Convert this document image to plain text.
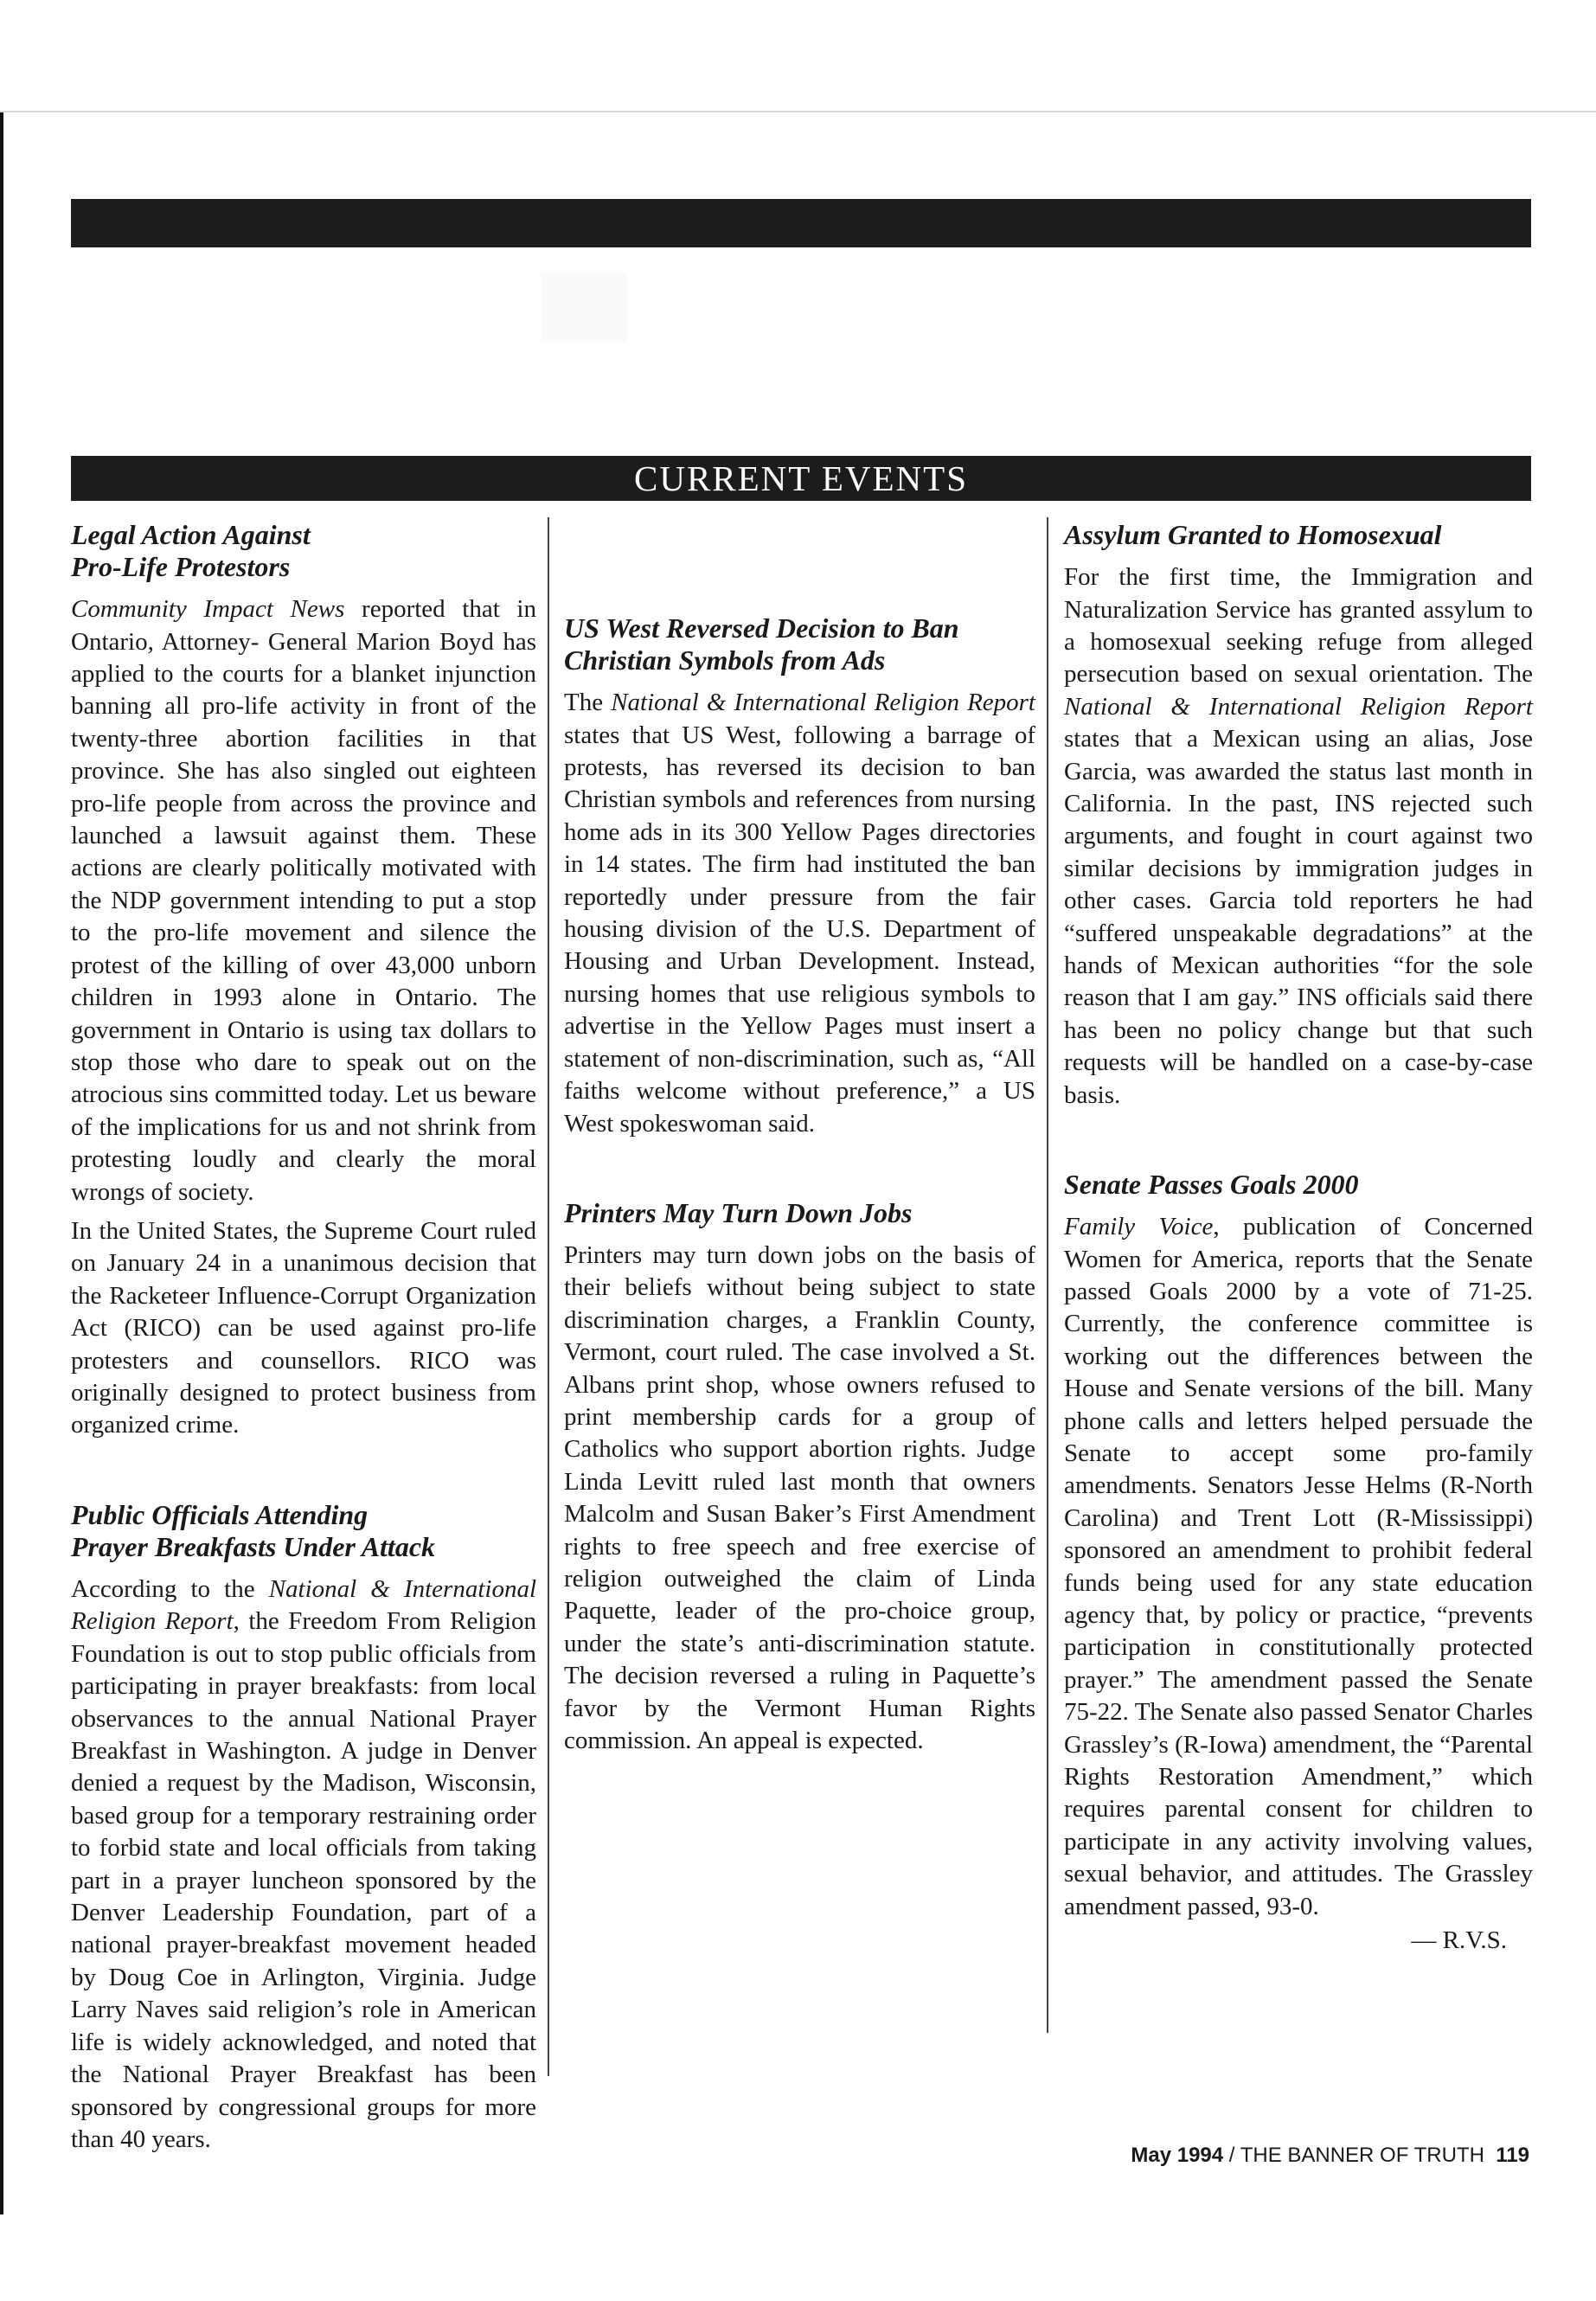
CURRENT EVENTS
Legal Action Against
Pro-Life Protestors

Community Impact News reported that in Ontario, Attorney- General Marion Boyd has applied to the courts for a blanket injunction banning all pro-life activity in front of the twenty-three abortion facilities in that province. She has also singled out eighteen pro-life people from across the province and launched a lawsuit against them. These actions are clearly politically motivated with the NDP government intending to put a stop to the pro-life movement and silence the protest of the killing of over 43,000 unborn children in 1993 alone in Ontario. The government in Ontario is using tax dollars to stop those who dare to speak out on the atrocious sins committed today. Let us beware of the implications for us and not shrink from protesting loudly and clearly the moral wrongs of society.

In the United States, the Supreme Court ruled on January 24 in a unanimous decision that the Racketeer Influence-Corrupt Organization Act (RICO) can be used against pro-life protesters and counsellors. RICO was originally designed to protect business from organized crime.

Public Officials Attending
Prayer Breakfasts Under Attack

According to the National & International Religion Report, the Freedom From Religion Foundation is out to stop public officials from participating in prayer breakfasts: from local observances to the annual National Prayer Breakfast in Washington. A judge in Denver denied a request by the Madison, Wisconsin, based group for a temporary restraining order to forbid state and local officials from taking part in a prayer luncheon sponsored by the Denver Leadership Foundation, part of a national prayer-breakfast movement headed by Doug Coe in Arlington, Virginia. Judge Larry Naves said religion’s role in American life is widely acknowledged, and noted that the National Prayer Breakfast has been sponsored by congressional groups for more than 40 years.

US West Reversed Decision to Ban
Christian Symbols from Ads

The National & International Religion Report states that US West, following a barrage of protests, has reversed its decision to ban Christian symbols and references from nursing home ads in its 300 Yellow Pages directories in 14 states. The firm had instituted the ban reportedly under pressure from the fair housing division of the U.S. Department of Housing and Urban Development. Instead, nursing homes that use religious symbols to advertise in the Yellow Pages must insert a statement of non-discrimination, such as, “All faiths welcome without preference,” a US West spokeswoman said.

Printers May Turn Down Jobs

Printers may turn down jobs on the basis of their beliefs without being subject to state discrimination charges, a Franklin County, Vermont, court ruled. The case involved a St. Albans print shop, whose owners refused to print membership cards for a group of Catholics who support abortion rights. Judge Linda Levitt ruled last month that owners Malcolm and Susan Baker’s First Amendment rights to free speech and free exercise of religion outweighed the claim of Linda Paquette, leader of the pro-choice group, under the state’s anti-discrimination statute. The decision reversed a ruling in Paquette’s favor by the Vermont Human Rights commission. An appeal is expected.

Assylum Granted to Homosexual

For the first time, the Immigration and Naturalization Service has granted assylum to a homosexual seeking refuge from alleged persecution based on sexual orientation. The National & International Religion Report states that a Mexican using an alias, Jose Garcia, was awarded the status last month in California. In the past, INS rejected such arguments, and fought in court against two similar decisions by immigration judges in other cases. Garcia told reporters he had “suffered unspeakable degradations” at the hands of Mexican authorities “for the sole reason that I am gay.” INS officials said there has been no policy change but that such requests will be handled on a case-by-case basis.

Senate Passes Goals 2000

Family Voice, publication of Concerned Women for America, reports that the Senate passed Goals 2000 by a vote of 71-25. Currently, the conference committee is working out the differences between the House and Senate versions of the bill. Many phone calls and letters helped persuade the Senate to accept some pro-family amendments. Senators Jesse Helms (R-North Carolina) and Trent Lott (R-Mississippi) sponsored an amendment to prohibit federal funds being used for any state education agency that, by policy or practice, “prevents participation in constitutionally protected prayer.” The amendment passed the Senate 75-22. The Senate also passed Senator Charles Grassley’s (R-Iowa) amendment, the “Parental Rights Restoration Amendment,” which requires parental consent for children to participate in any activity involving values, sexual behavior, and attitudes. The Grassley amendment passed, 93-0.

— R.V.S.
May 1994 / THE BANNER OF TRUTH 119
